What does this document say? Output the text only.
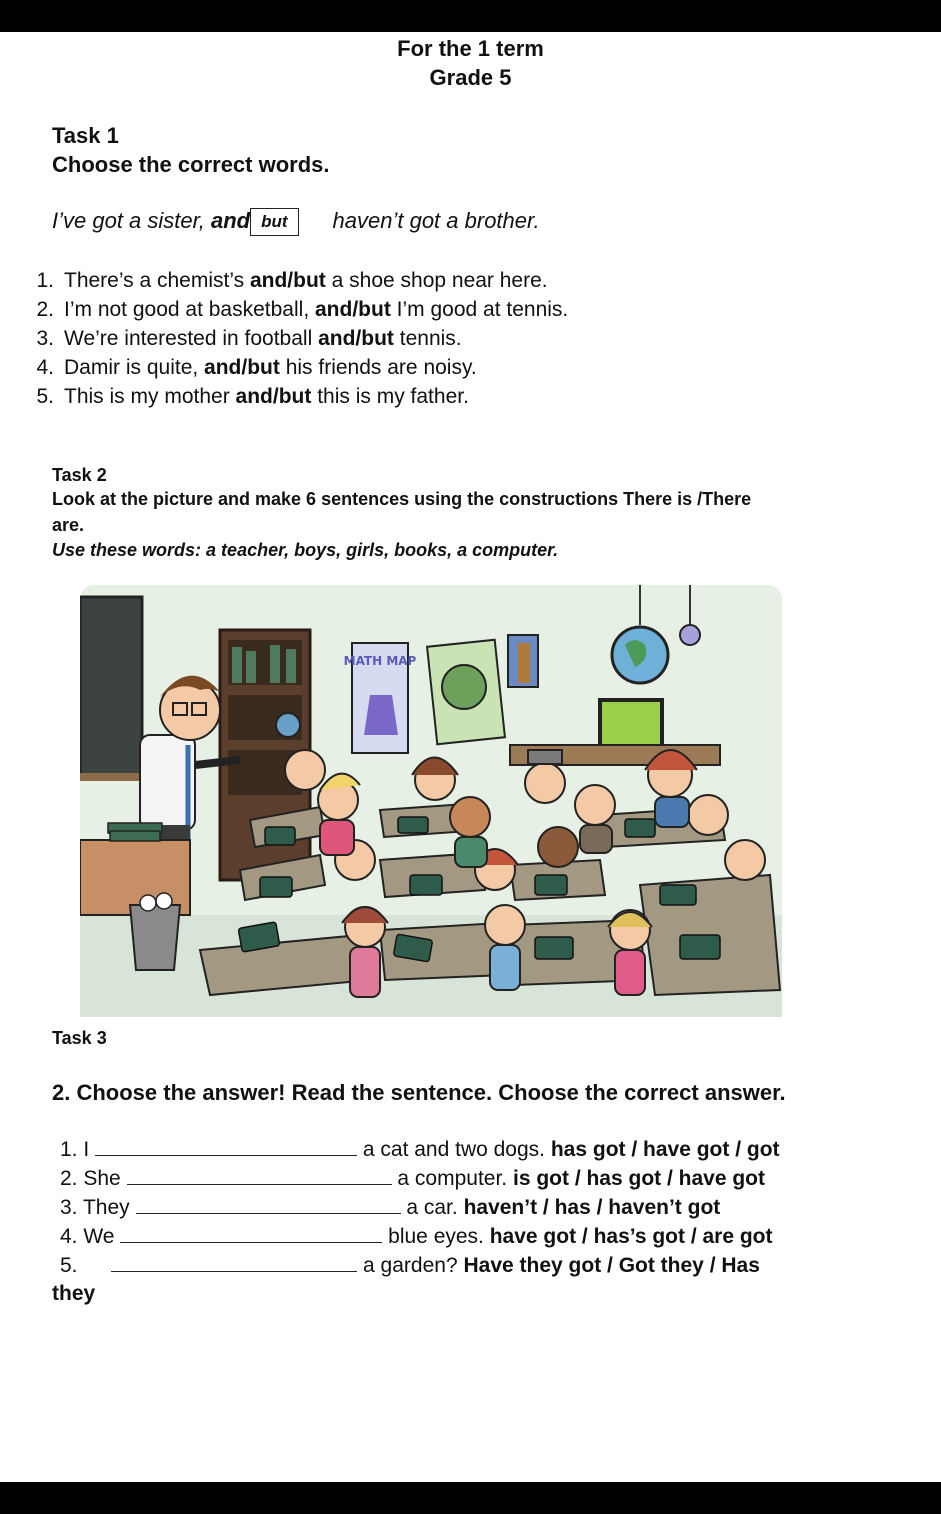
For the 1 term
Grade 5
Task 1
Choose the correct words.
I’ve got a sister, and but haven’t got a brother.
1. There’s a chemist’s and/but a shoe shop near here.
2. I’m not good at basketball, and/but I’m good at tennis.
3. We’re interested in football and/but tennis.
4. Damir is quite, and/but his friends are noisy.
5. This is my mother and/but this is my father.
Task 2
Look at the picture and make 6 sentences using the constructions There is /There
are.
Use these words: a teacher, boys, girls, books, a computer.
MATH MAP
Task 3
2. Choose the answer! Read the sentence. Choose the correct answer.
1. I	a cat and two dogs. has got / have got / got
2. She	a computer. is got / has got / have got
3. They	a car. haven’t / has / haven’t got
4. We	blue eyes. have got / has’s got / are got
5.	a garden? Have they got / Got they / Has
they
